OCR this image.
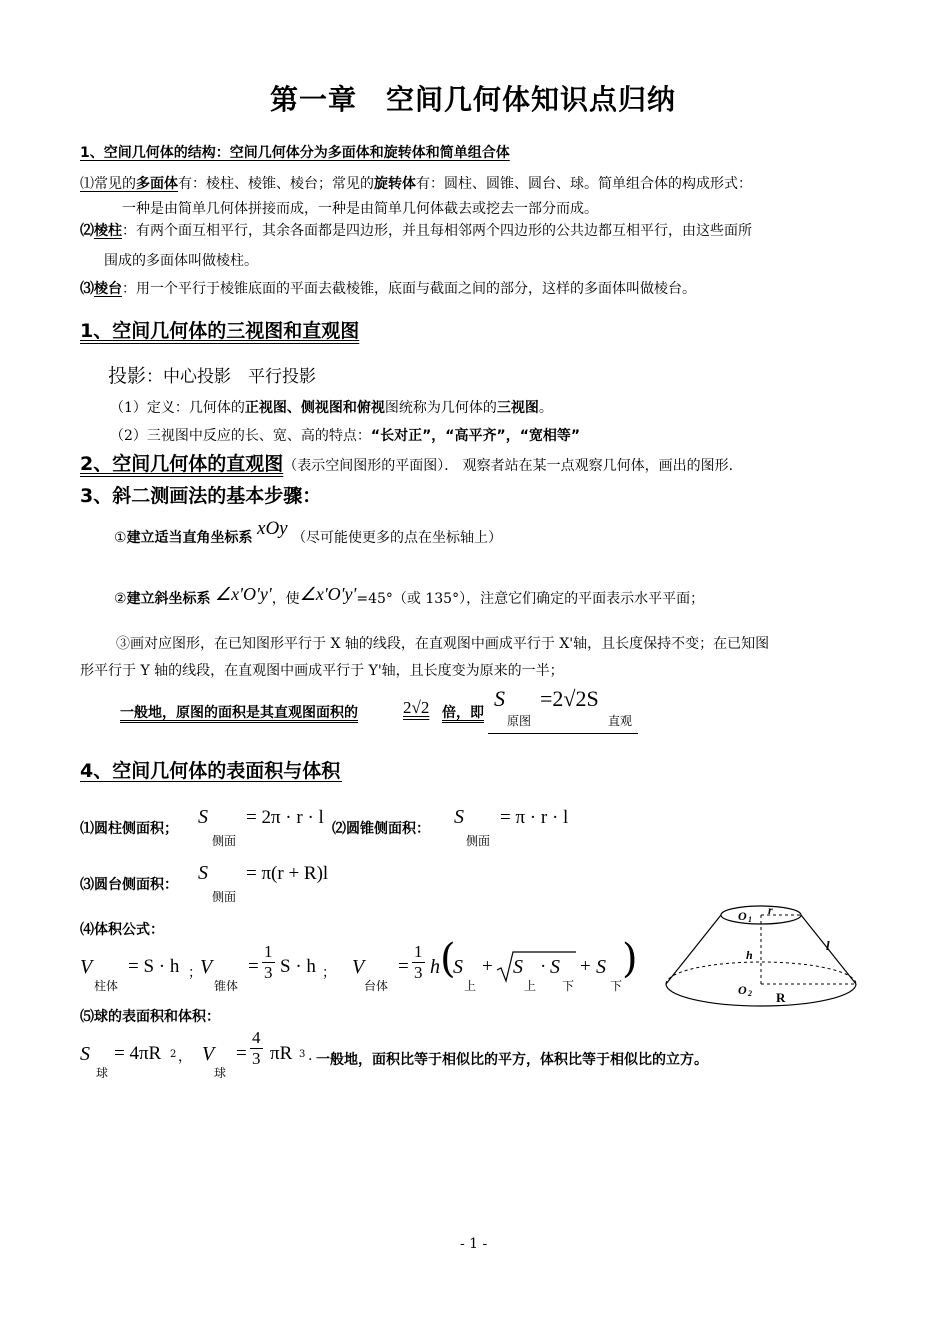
第一章　空间几何体知识点归纳
1、空间几何体的结构：空间几何体分为多面体和旋转体和简单组合体
⑴常见的多面体有：棱柱、棱锥、棱台；常见的旋转体有：圆柱、圆锥、圆台、球。简单组合体的构成形式：
一种是由简单几何体拼接而成，一种是由简单几何体截去或挖去一部分而成。
⑵棱柱：有两个面互相平行，其余各面都是四边形，并且每相邻两个四边形的公共边都互相平行，由这些面所
围成的多面体叫做棱柱。
⑶棱台：用一个平行于棱锥底面的平面去截棱锥，底面与截面之间的部分，这样的多面体叫做棱台。
1、空间几何体的三视图和直观图
投影：中心投影　平行投影
（1）定义：几何体的正视图、侧视图和俯视图统称为几何体的三视图。
（2）三视图中反应的长、宽、高的特点：“长对正”，“高平齐”，“宽相等”
2、空间几何体的直观图（表示空间图形的平面图）． 观察者站在某一点观察几何体，画出的图形.
3、斜二测画法的基本步骤：
①建立适当直角坐标系 xOy （尽可能使更多的点在坐标轴上）
②建立斜坐标系 ∠x'O'y'，使∠x'O'y'=45°（或 135°），注意它们确定的平面表示水平平面；
③画对应图形，在已知图形平行于 X 轴的线段，在直观图中画成平行于 X'轴，且长度保持不变；在已知图
形平行于 Y 轴的线段，在直观图中画成平行于 Y'轴，且长度变为原来的一半；
一般地，原图的面积是其直观图面积的	2√2 倍，即
S
原图
=2√2S
直观
4、空间几何体的表面积与体积
⑴圆柱侧面积；
S
侧面
= 2π · r · l
⑵圆锥侧面积：
S
侧面
= π · r · l
⑶圆台侧面积：
S
侧面
= π(r + R)l
⑷体积公式：
V
柱体
= S · h ；
V
锥体
= $\frac{1}{3}$ S · h ； V
台体
= $\frac{1}{3}$ h (
S
上
+ S
上
· S
下
+ S
下
)
⑸球的表面积和体积：
S
球
= 4πR 2 ， V
球
= $\frac{4}{3}$ πR 3 . 一般地，面积比等于相似比的平方，体积比等于相似比的立方。
O 1
r
l
h
O 2 R
- 1 -
